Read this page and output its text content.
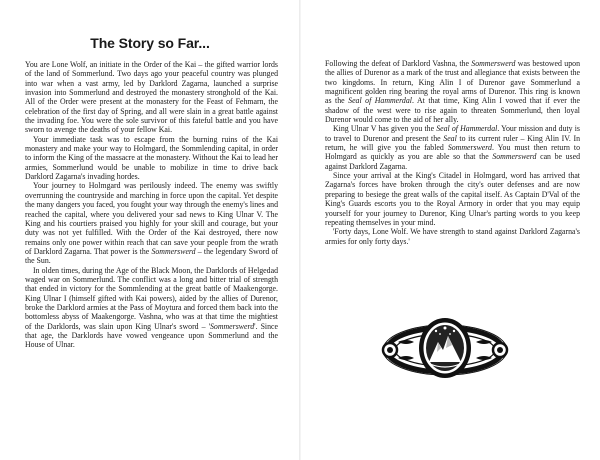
The Story so Far...

You are Lone Wolf, an initiate in the Order of the Kai – the gifted warrior lords of the land of Sommerlund. Two days ago your peaceful country was plunged into war when a vast army, led by Darklord Zagarna, launched a surprise invasion into Sommerlund and destroyed the monastery stronghold of the Kai. All of the Order were present at the monastery for the Feast of Fehmarn, the celebration of the first day of Spring, and all were slain in a great battle against the invading foe. You were the sole survivor of this fateful battle and you have sworn to avenge the deaths of your fellow Kai.

Your immediate task was to escape from the burning ruins of the Kai monastery and make your way to Holmgard, the Sommlending capital, in order to inform the King of the massacre at the monastery. Without the Kai to lead her armies, Sommerlund would be unable to mobilize in time to drive back Darklord Zagarna's invading hordes.

Your journey to Holmgard was perilously indeed. The enemy was swiftly overrunning the countryside and marching in force upon the capital. Yet despite the many dangers you faced, you fought your way through the enemy's lines and reached the capital, where you delivered your sad news to King Ulnar V. The King and his courtiers praised you highly for your skill and courage, but your duty was not yet fulfilled. With the Order of the Kai destroyed, there now remains only one power within reach that can save your people from the wrath of Darklord Zagarna. That power is the Sommerswerd – the legendary Sword of the Sun.

In olden times, during the Age of the Black Moon, the Darklords of Helgedad waged war on Sommerlund. The conflict was a long and bitter trial of strength that ended in victory for the Sommlending at the great battle of Maakengorge. King Ulnar I (himself gifted with Kai powers), aided by the allies of Durenor, broke the Darklord armies at the Pass of Moytura and forced them back into the bottomless abyss of Maakengorge. Vashna, who was at that time the mightiest of the Darklords, was slain upon King Ulnar's sword – 'Sommerswerd'. Since that age, the Darklords have vowed vengeance upon Sommerlund and the House of Ulnar.

Following the defeat of Darklord Vashna, the Sommerswerd was bestowed upon the allies of Durenor as a mark of the trust and allegiance that exists between the two kingdoms. In return, King Alin I of Durenor gave Sommerlund a magnificent golden ring bearing the royal arms of Durenor. This ring is known as the Seal of Hammerdal. At that time, King Alin I vowed that if ever the shadow of the west were to rise again to threaten Sommerlund, then loyal Durenor would come to the aid of her ally.

King Ulnar V has given you the Seal of Hammerdal. Your mission and duty is to travel to Durenor and present the Seal to its current ruler – King Alin IV. In return, he will give you the fabled Sommerswerd. You must then return to Holmgard as quickly as you are able so that the Sommerswerd can be used against Darklord Zagarna.

Since your arrival at the King's Citadel in Holmgard, word has arrived that Zagarna's forces have broken through the city's outer defenses and are now preparing to besiege the great walls of the capital itself. As Captain D'Val of the King's Guards escorts you to the Royal Armory in order that you may equip yourself for your journey to Durenor, King Ulnar's parting words to you keep repeating themselves in your mind.

'Forty days, Lone Wolf. We have strength to stand against Darklord Zagarna's armies for only forty days.'
